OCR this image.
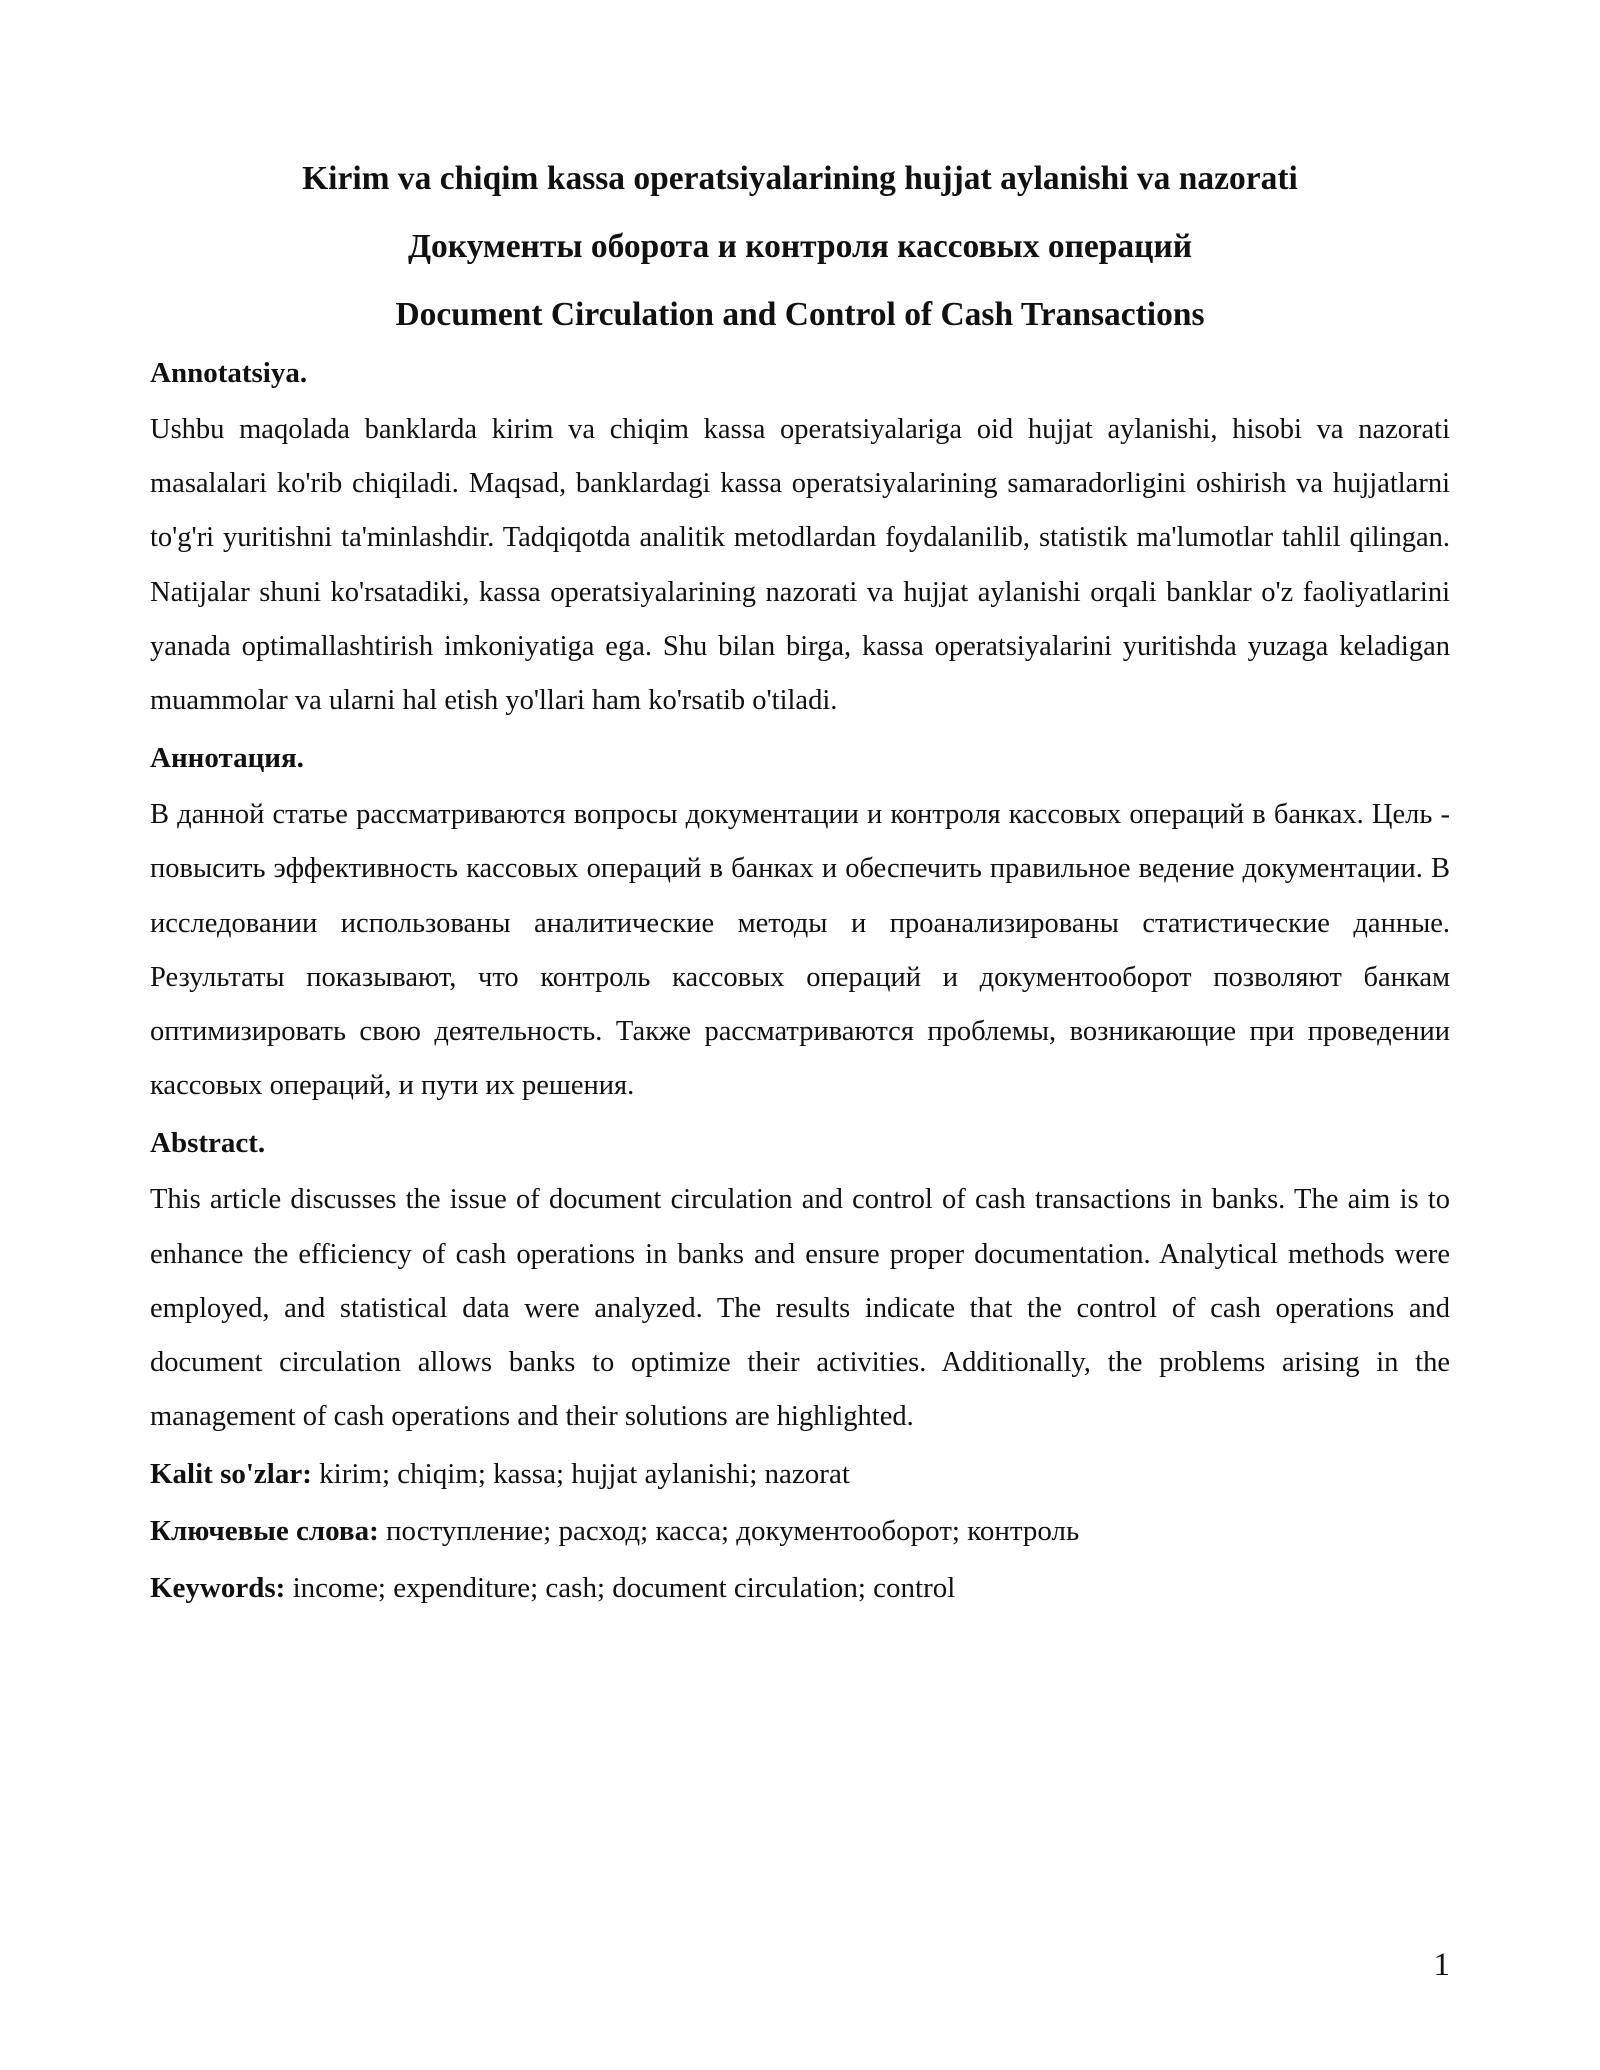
Kirim va chiqim kassa operatsiyalarining hujjat aylanishi va nazorati
Документы оборота и контроля кассовых операций
Document Circulation and Control of Cash Transactions
Annotatsiya.

Ushbu maqolada banklarda kirim va chiqim kassa operatsiyalariga oid hujjat aylanishi, hisobi va nazorati masalalari ko'rib chiqiladi. Maqsad, banklardagi kassa operatsiyalarining samaradorligini oshirish va hujjatlarni to'g'ri yuritishni ta'minlashdir. Tadqiqotda analitik metodlardan foydalanilib, statistik ma'lumotlar tahlil qilingan. Natijalar shuni ko'rsatadiki, kassa operatsiyalarining nazorati va hujjat aylanishi orqali banklar o'z faoliyatlarini yanada optimallashtirish imkoniyatiga ega. Shu bilan birga, kassa operatsiyalarini yuritishda yuzaga keladigan muammolar va ularni hal etish yo'llari ham ko'rsatib o'tiladi.

Аннотация.

В данной статье рассматриваются вопросы документации и контроля кассовых операций в банках. Цель - повысить эффективность кассовых операций в банках и обеспечить правильное ведение документации. В исследовании использованы аналитические методы и проанализированы статистические данные. Результаты показывают, что контроль кассовых операций и документооборот позволяют банкам оптимизировать свою деятельность. Также рассматриваются проблемы, возникающие при проведении кассовых операций, и пути их решения.

Abstract.

This article discusses the issue of document circulation and control of cash transactions in banks. The aim is to enhance the efficiency of cash operations in banks and ensure proper documentation. Analytical methods were employed, and statistical data were analyzed. The results indicate that the control of cash operations and document circulation allows banks to optimize their activities. Additionally, the problems arising in the management of cash operations and their solutions are highlighted.

Kalit so'zlar: kirim; chiqim; kassa; hujjat aylanishi; nazorat
Ключевые слова: поступление; расход; касса; документооборот; контроль
Keywords: income; expenditure; cash; document circulation; control
1
